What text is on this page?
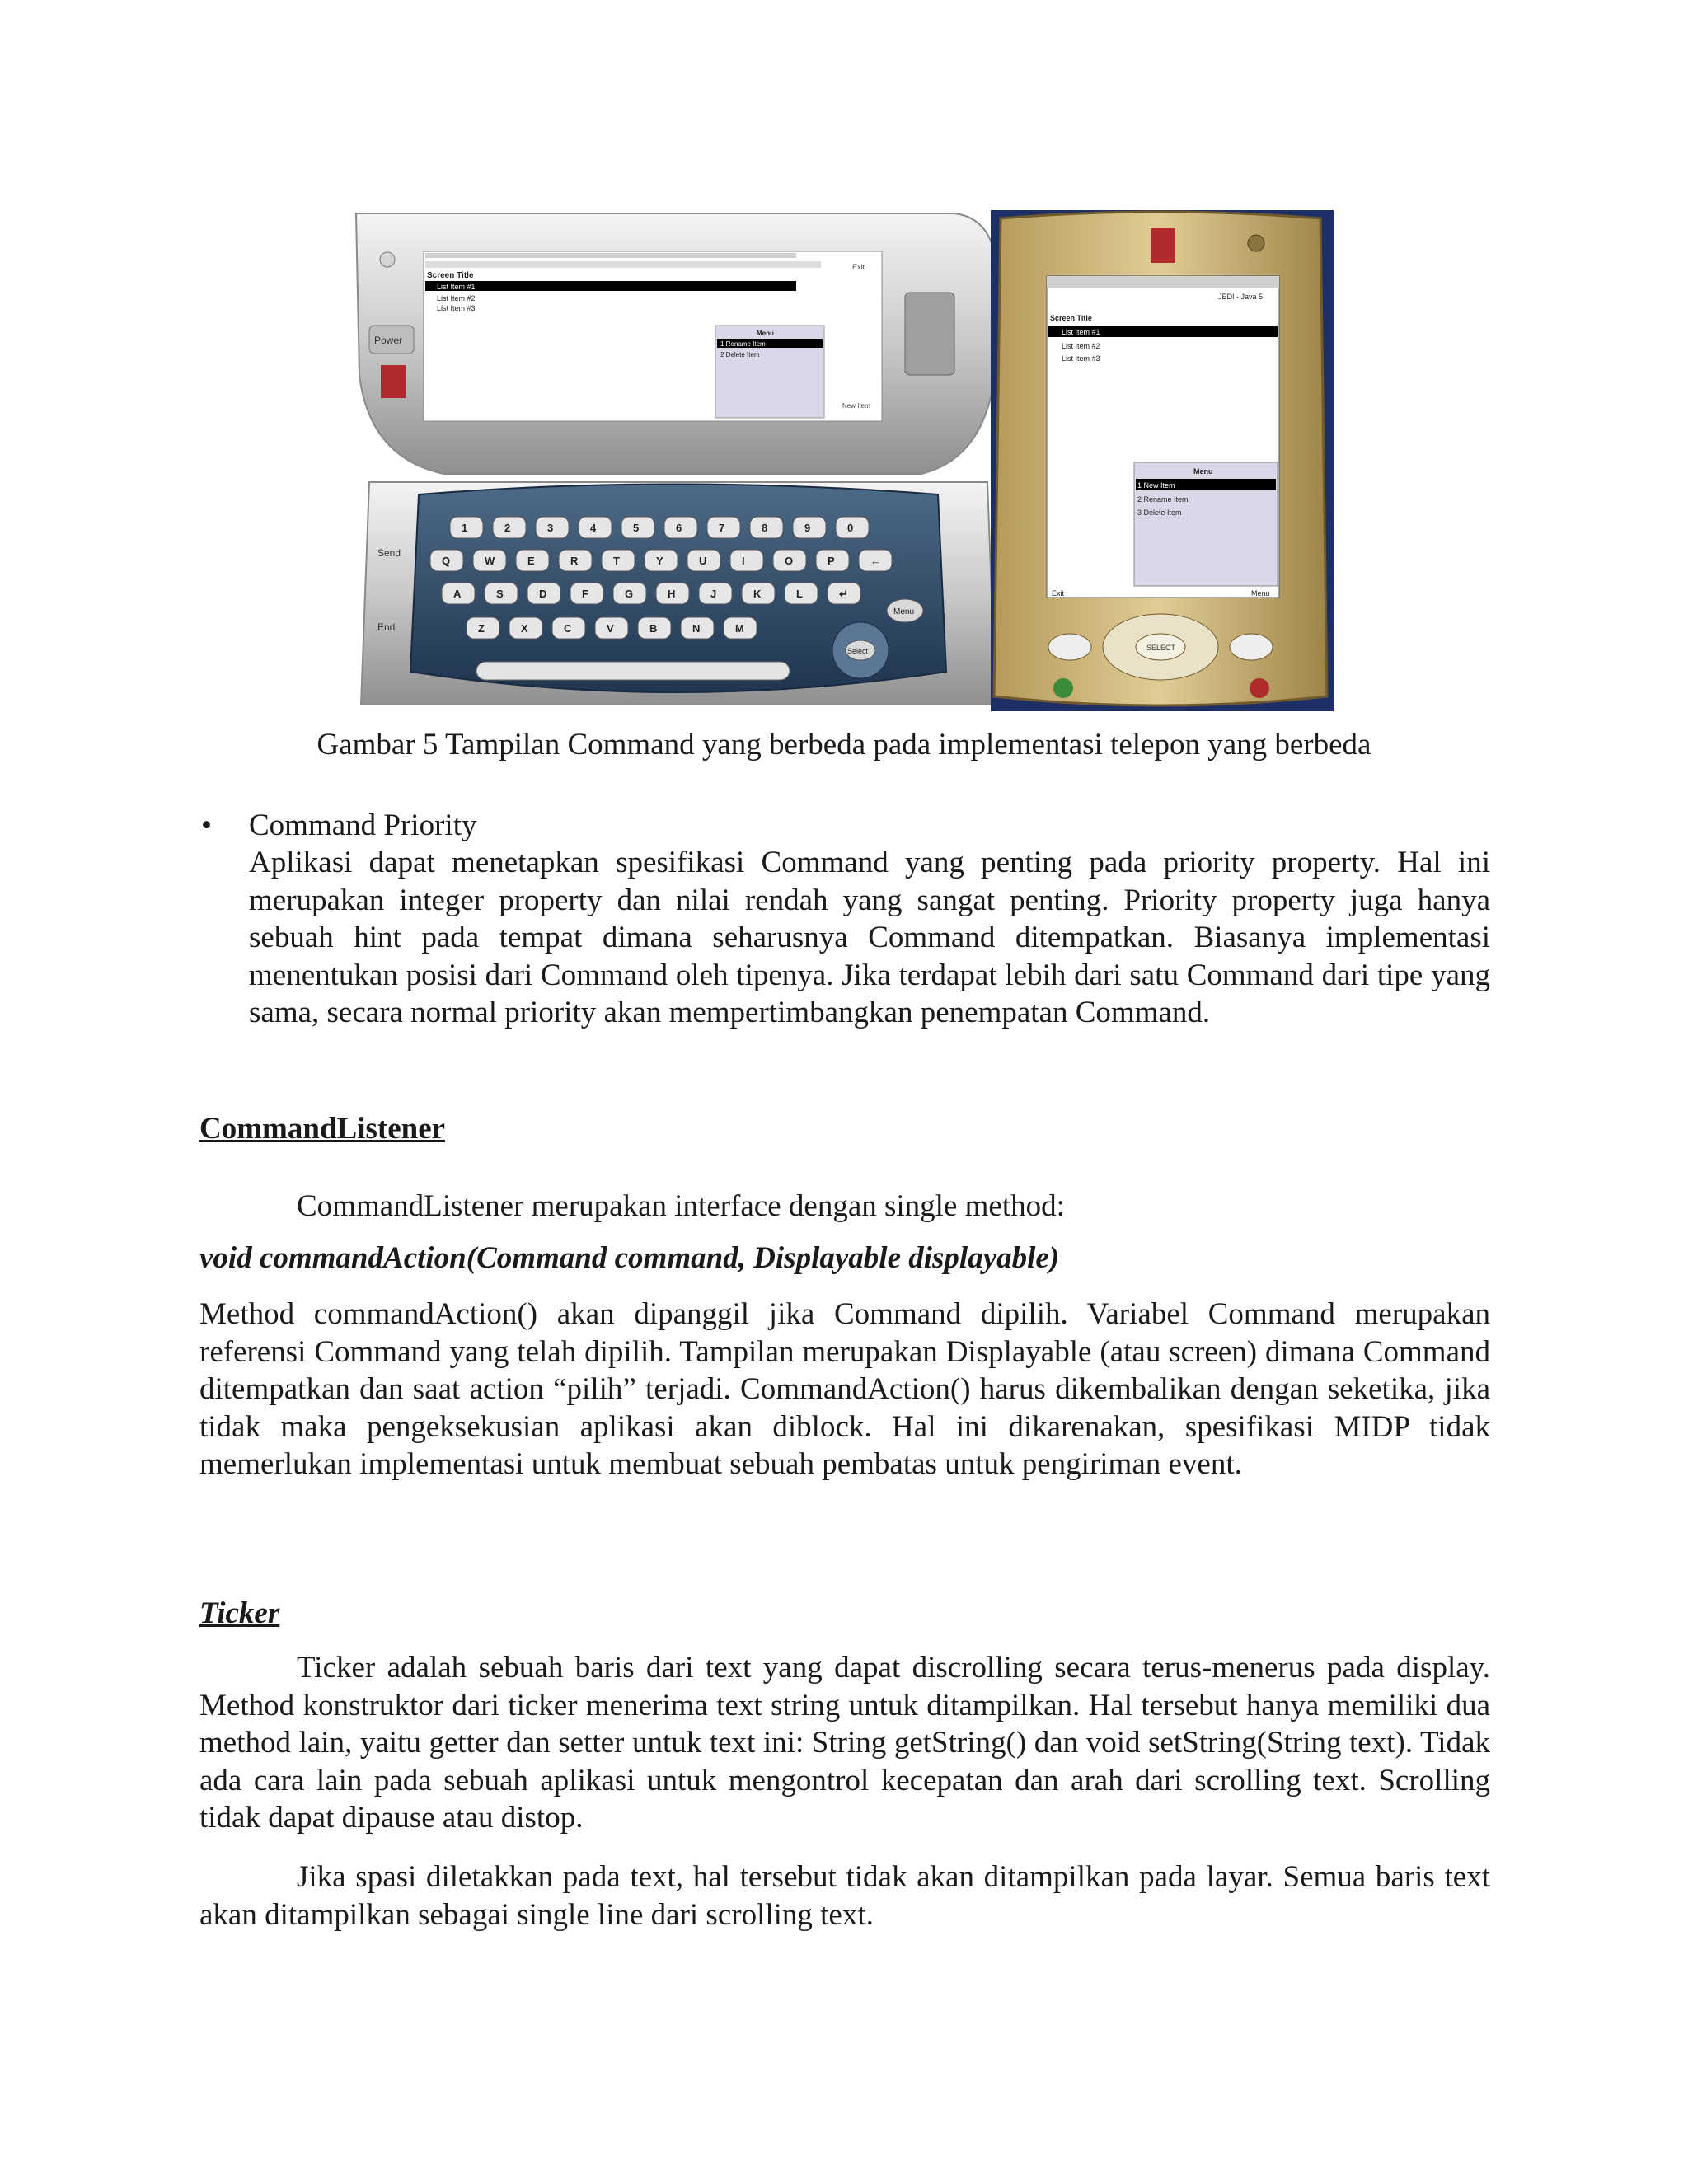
Screen Title
List Item #1
List Item #2
List Item #3
Exit
Menu
1 Rename Item
2 Delete Item
New Item
Power
1	2	3	4	5	6	7	8	9	0
Q	W	E	R	T	Y	U	I	O	P	←
A	S	D	F	G	H	J	K	L	↵
Z	X	C	V	B	N	M
Send
End
Menu
Select
JEDI - Java 5
Screen Title
List Item #1
List Item #2
List Item #3
Menu
1 New Item
2 Rename Item
3 Delete Item
Exit	Menu
SELECT
Gambar 5 Tampilan Command yang berbeda pada implementasi telepon yang berbeda
• Command Priority
Aplikasi dapat menetapkan spesifikasi Command yang penting pada priority property. Hal ini merupakan integer property dan nilai rendah yang sangat penting. Priority property juga hanya sebuah hint pada tempat dimana seharusnya Command ditempatkan. Biasanya implementasi menentukan posisi dari Command oleh tipenya. Jika terdapat lebih dari satu Command dari tipe yang sama, secara normal priority akan mempertimbangkan penempatan Command.
CommandListener
CommandListener merupakan interface dengan single method:
void commandAction(Command command, Displayable displayable)
Method commandAction() akan dipanggil jika Command dipilih. Variabel Command merupakan referensi Command yang telah dipilih. Tampilan merupakan Displayable (atau screen) dimana Command ditempatkan dan saat action “pilih” terjadi. CommandAction() harus dikembalikan dengan seketika, jika tidak maka pengeksekusian aplikasi akan diblock. Hal ini dikarenakan, spesifikasi MIDP tidak memerlukan implementasi untuk membuat sebuah pembatas untuk pengiriman event.
Ticker
Ticker adalah sebuah baris dari text yang dapat discrolling secara terus-menerus pada display. Method konstruktor dari ticker menerima text string untuk ditampilkan. Hal tersebut hanya memiliki dua method lain, yaitu getter dan setter untuk text ini: String getString() dan void setString(String text). Tidak ada cara lain pada sebuah aplikasi untuk mengontrol kecepatan dan arah dari scrolling text. Scrolling tidak dapat dipause atau distop.
Jika spasi diletakkan pada text, hal tersebut tidak akan ditampilkan pada layar. Semua baris text akan ditampilkan sebagai single line dari scrolling text.
